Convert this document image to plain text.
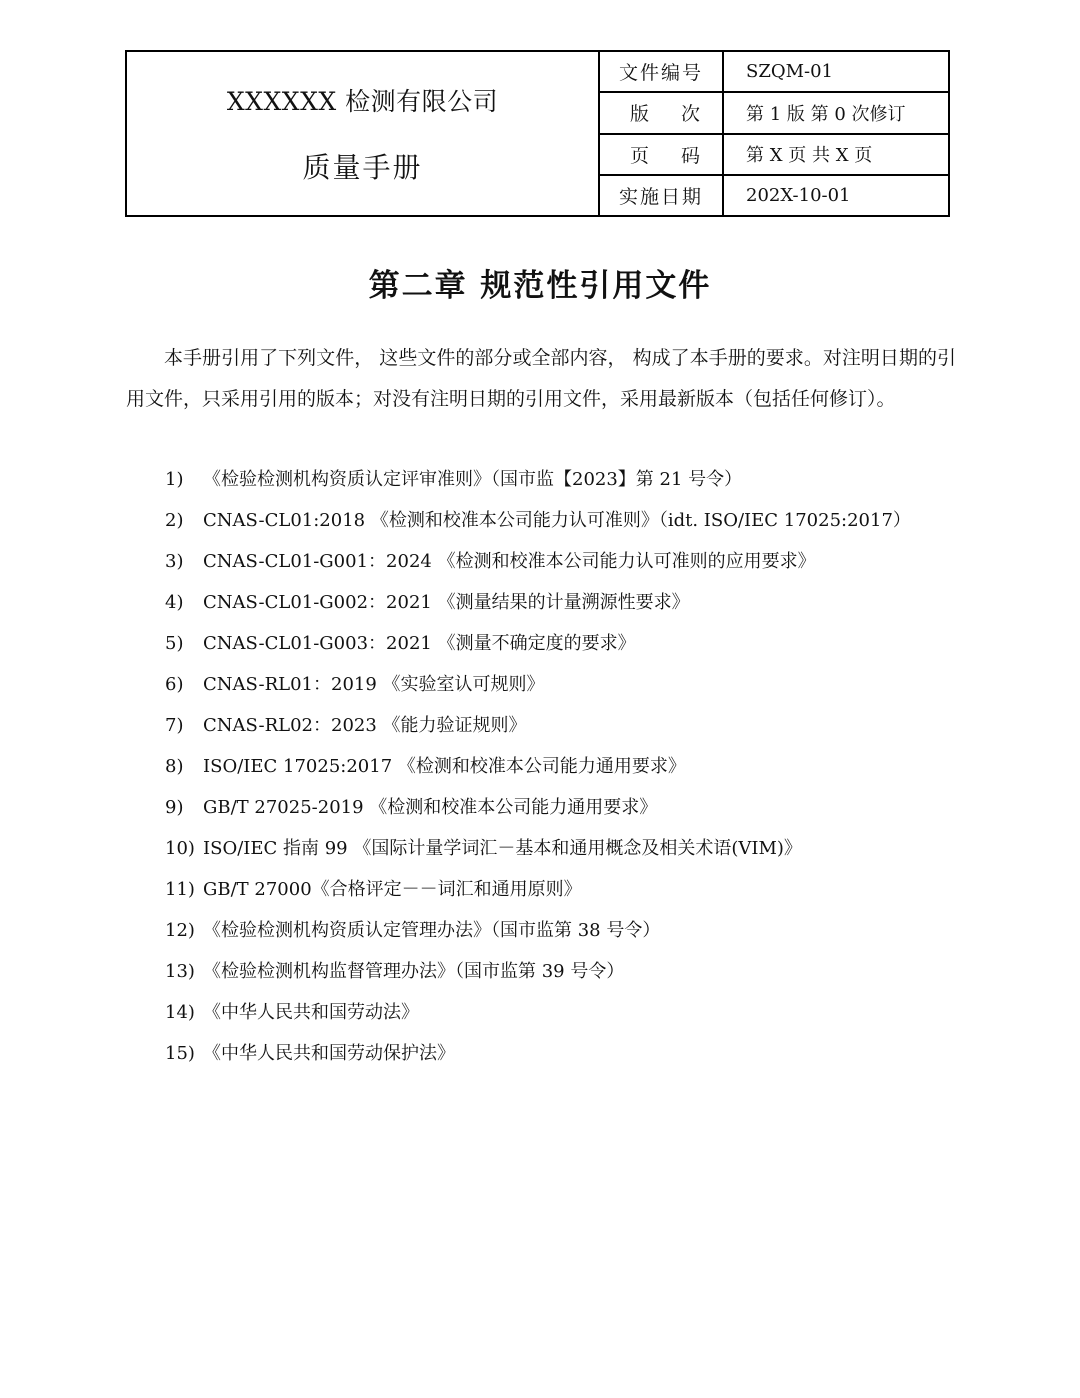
XXXXXX 检测有限公司
质量手册
文件编号	SZQM-01
版 次	第 1 版 第 0 次修订
页 码	第 X 页 共 X 页
实施日期	202X-10-01
第二章 规范性引用文件

本手册引用了下列文件， 这些文件的部分或全部内容， 构成了本手册的要求。对注明日期的引用文件，只采用引用的版本；对没有注明日期的引用文件，采用最新版本（包括任何修订）。

1)	《检验检测机构资质认定评审准则》（国市监【2023】第 21 号令）
2)	CNAS-CL01:2018 《检测和校准本公司能力认可准则》（idt. ISO/IEC 17025:2017）
3)	CNAS-CL01-G001：2024 《检测和校准本公司能力认可准则的应用要求》
4)	CNAS-CL01-G002：2021 《测量结果的计量溯源性要求》
5)	CNAS-CL01-G003：2021 《测量不确定度的要求》
6)	CNAS-RL01：2019 《实验室认可规则》
7)	CNAS-RL02：2023 《能力验证规则》
8)	ISO/IEC 17025:2017 《检测和校准本公司能力通用要求》
9)	GB/T 27025-2019 《检测和校准本公司能力通用要求》
10) ISO/IEC 指南 99 《国际计量学词汇－基本和通用概念及相关术语(VIM)》
11) GB/T 27000《合格评定－－词汇和通用原则》
12) 《检验检测机构资质认定管理办法》（国市监第 38 号令）
13) 《检验检测机构监督管理办法》（国市监第 39 号令）
14) 《中华人民共和国劳动法》
15) 《中华人民共和国劳动保护法》
